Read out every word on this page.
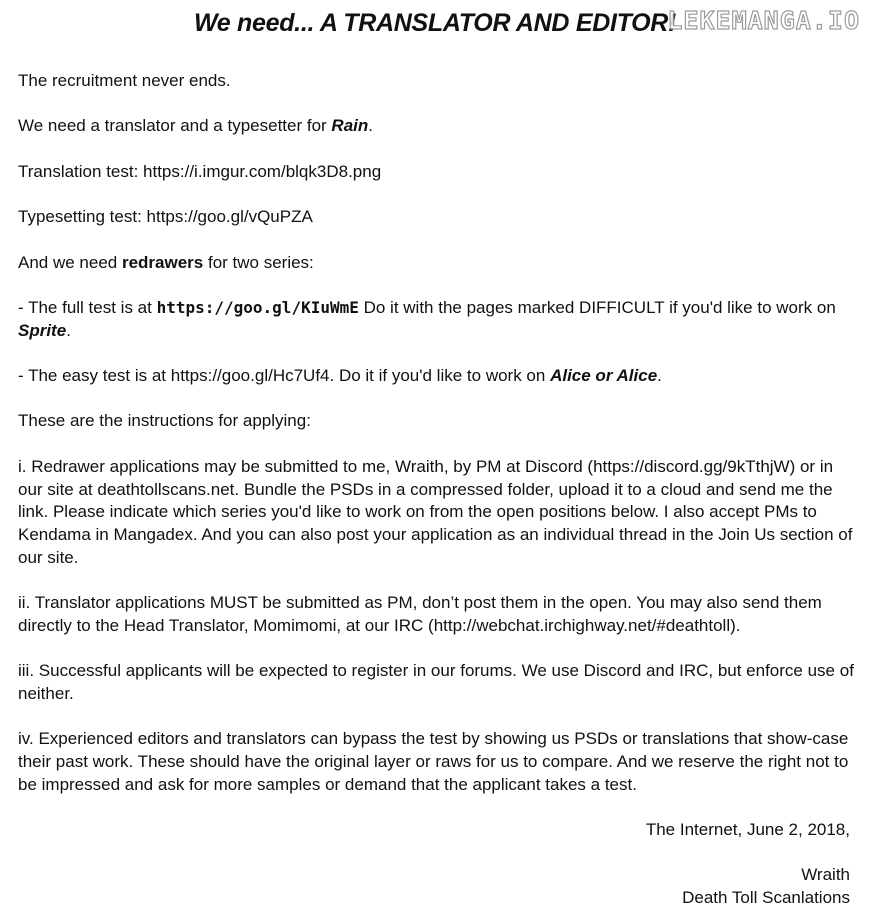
We need... A TRANSLATOR AND EDITOR!
LEKEMANGA.IO

The recruitment never ends.

We need a translator and a typesetter for Rain.

Translation test: https://i.imgur.com/blqk3D8.png

Typesetting test: https://goo.gl/vQuPZA

And we need redrawers for two series:

- The full test is at https://goo.gl/KIuWmE Do it with the pages marked DIFFICULT if you'd like to work on Sprite.

- The easy test is at https://goo.gl/Hc7Uf4. Do it if you'd like to work on Alice or Alice.

These are the instructions for applying:

i. Redrawer applications may be submitted to me, Wraith, by PM at Discord (https://discord.gg/9kTthjW) or in our site at deathtollscans.net. Bundle the PSDs in a compressed folder, upload it to a cloud and send me the link. Please indicate which series you'd like to work on from the open positions below. I also accept PMs to Kendama in Mangadex. And you can also post your application as an individual thread in the Join Us section of our site.

ii. Translator applications MUST be submitted as PM, don’t post them in the open. You may also send them directly to the Head Translator, Momimomi, at our IRC (http://webchat.irchighway.net/#deathtoll).

iii. Successful applicants will be expected to register in our forums. We use Discord and IRC, but enforce use of neither.

iv. Experienced editors and translators can bypass the test by showing us PSDs or translations that show-case their past work. These should have the original layer or raws for us to compare. And we reserve the right not to be impressed and ask for more samples or demand that the applicant takes a test.

The Internet, June 2, 2018,
Wraith
Death Toll Scanlations
